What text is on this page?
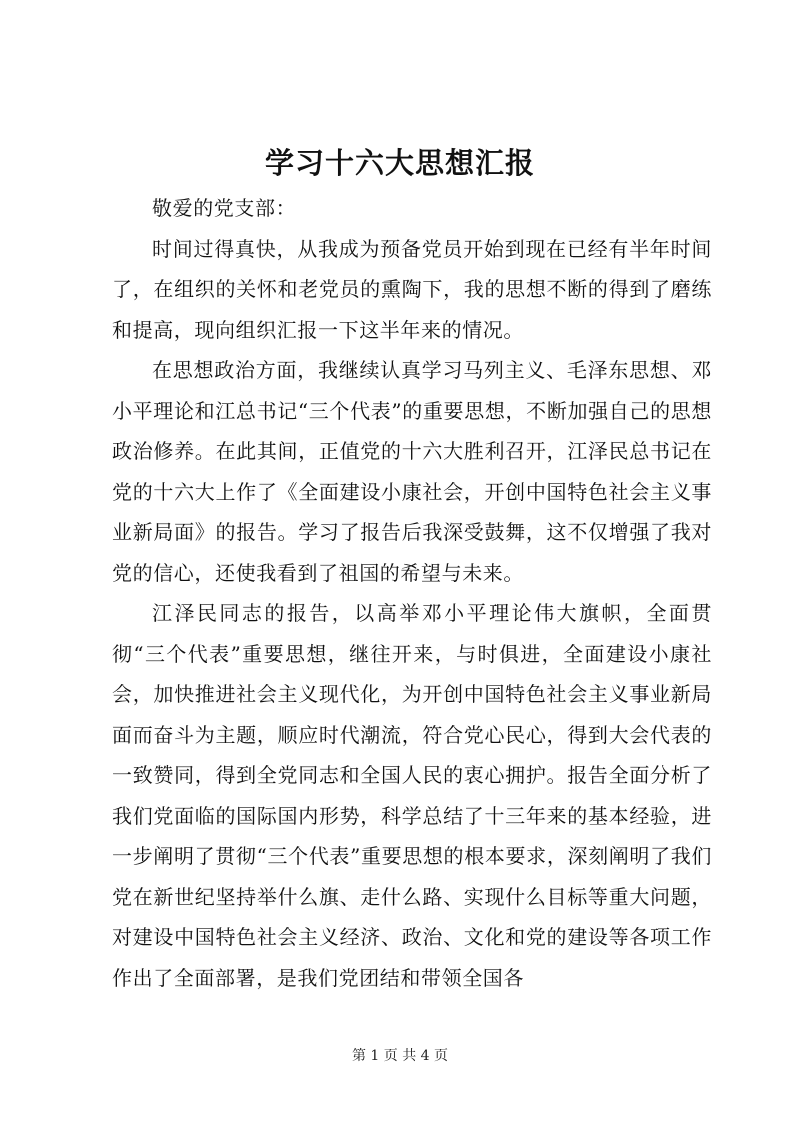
学习十六大思想汇报

敬爱的党支部：

时间过得真快，从我成为预备党员开始到现在已经有半年时间了，在组织的关怀和老党员的熏陶下，我的思想不断的得到了磨练和提高，现向组织汇报一下这半年来的情况。

在思想政治方面，我继续认真学习马列主义、毛泽东思想、邓小平理论和江总书记“三个代表”的重要思想，不断加强自己的思想政治修养。在此其间，正值党的十六大胜利召开，江泽民总书记在党的十六大上作了《全面建设小康社会，开创中国特色社会主义事业新局面》的报告。学习了报告后我深受鼓舞，这不仅增强了我对党的信心，还使我看到了祖国的希望与未来。

江泽民同志的报告，以高举邓小平理论伟大旗帜，全面贯彻“三个代表”重要思想，继往开来，与时俱进，全面建设小康社会，加快推进社会主义现代化，为开创中国特色社会主义事业新局面而奋斗为主题，顺应时代潮流，符合党心民心，得到大会代表的一致赞同，得到全党同志和全国人民的衷心拥护。报告全面分析了我们党面临的国际国内形势，科学总结了十三年来的基本经验，进一步阐明了贯彻“三个代表”重要思想的根本要求，深刻阐明了我们党在新世纪坚持举什么旗、走什么路、实现什么目标等重大问题，对建设中国特色社会主义经济、政治、文化和党的建设等各项工作作出了全面部署，是我们党团结和带领全国各

第 1 页 共 4 页
